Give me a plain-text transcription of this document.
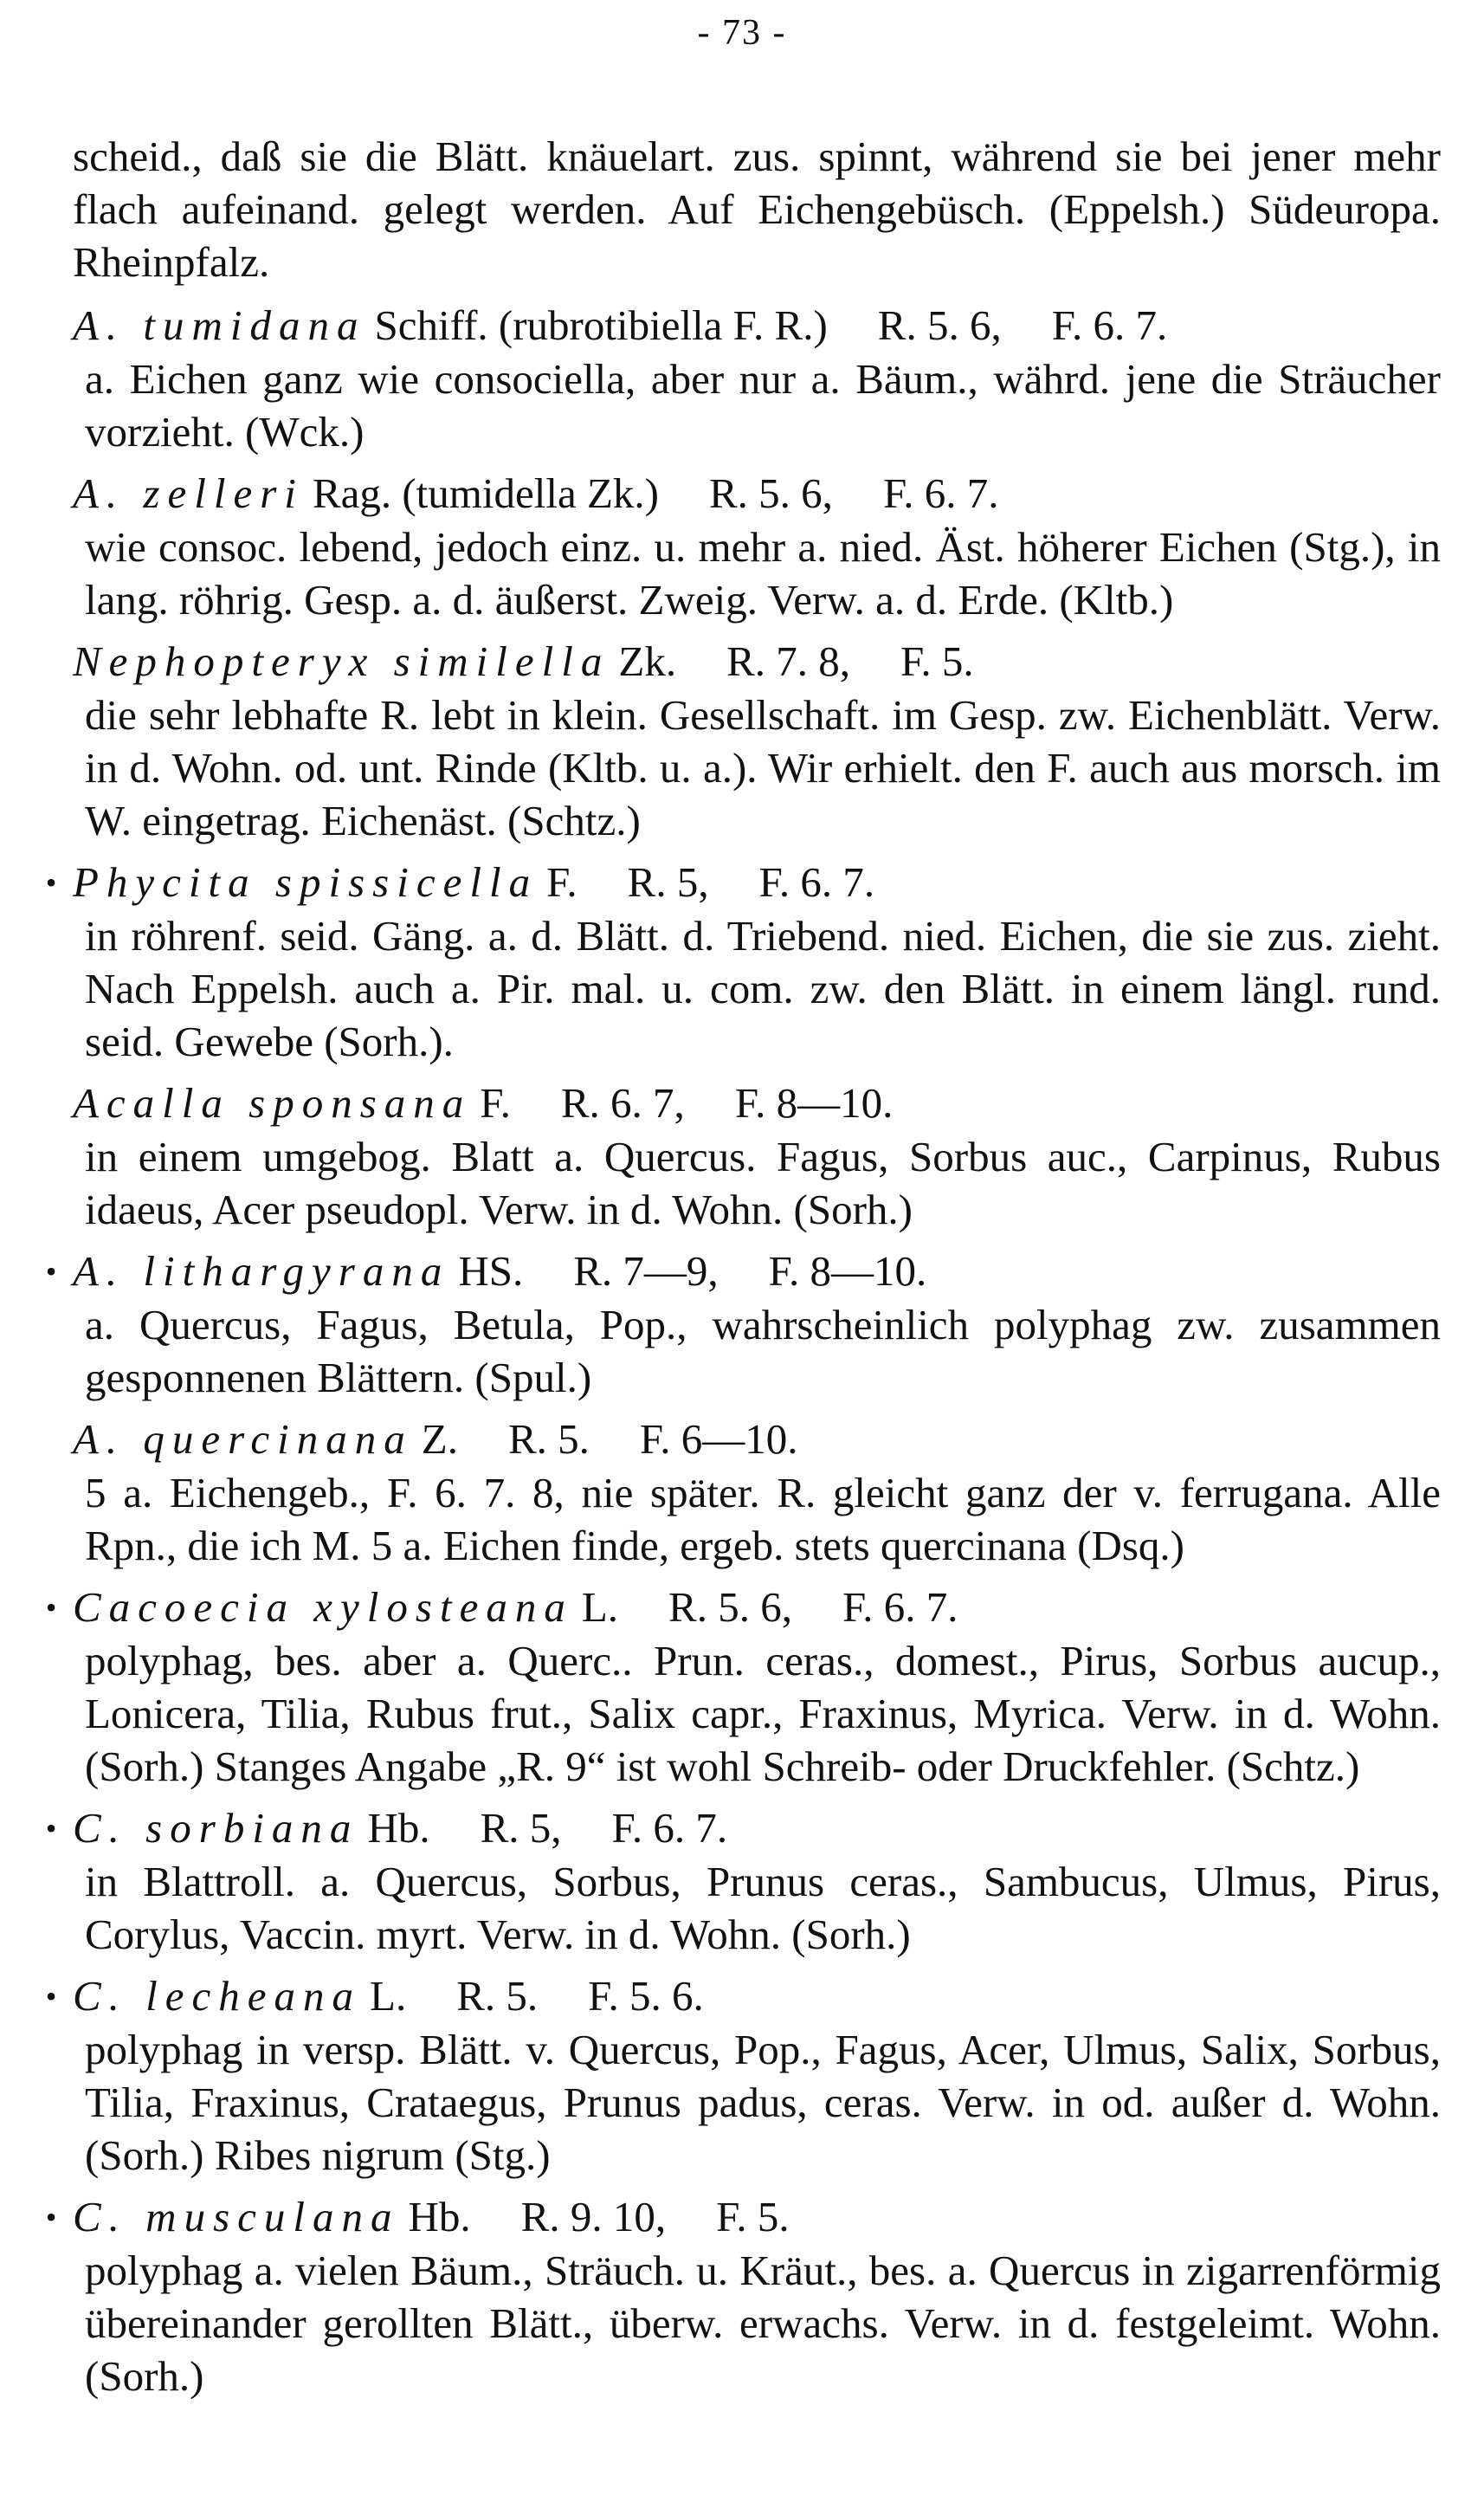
- 73 -

scheid., daß sie die Blätt. knäuelart. zus. spinnt, während sie bei jener mehr flach aufeinand. gelegt werden. Auf Eichengebüsch. (Eppelsh.) Südeuropa. Rheinpfalz.

A. tumidana Schiff. (rubrotibiella F. R.) R. 5. 6, F. 6. 7.

a. Eichen ganz wie consociella, aber nur a. Bäum., währd. jene die Sträucher vorzieht. (Wck.)

A. zelleri Rag. (tumidella Zk.) R. 5. 6, F. 6. 7.

wie consoc. lebend, jedoch einz. u. mehr a. nied. Äst. höherer Eichen (Stg.), in lang. röhrig. Gesp. a. d. äußerst. Zweig. Verw. a. d. Erde. (Kltb.)

Nephopteryx similella Zk. R. 7. 8, F. 5.

die sehr lebhafte R. lebt in klein. Gesellschaft. im Gesp. zw. Eichenblätt. Verw. in d. Wohn. od. unt. Rinde (Kltb. u. a.). Wir erhielt. den F. auch aus morsch. im W. eingetrag. Eichenäst. (Schtz.)

• Phycita spissicella F. R. 5, F. 6. 7.

in röhrenf. seid. Gäng. a. d. Blätt. d. Triebend. nied. Eichen, die sie zus. zieht. Nach Eppelsh. auch a. Pir. mal. u. com. zw. den Blätt. in einem längl. rund. seid. Gewebe (Sorh.).

Acalla sponsana F. R. 6. 7, F. 8—10.

in einem umgebog. Blatt a. Quercus. Fagus, Sorbus auc., Carpinus, Rubus idaeus, Acer pseudopl. Verw. in d. Wohn. (Sorh.)

• A. lithargyrana HS. R. 7—9, F. 8—10.

a. Quercus, Fagus, Betula, Pop., wahrscheinlich polyphag zw. zusammen gesponnenen Blättern. (Spul.)

A. quercinana Z. R. 5. F. 6—10.

5 a. Eichengeb., F. 6. 7. 8, nie später. R. gleicht ganz der v. ferrugana. Alle Rpn., die ich M. 5 a. Eichen finde, ergeb. stets quercinana (Dsq.)

• Cacoecia xylosteana L. R. 5. 6, F. 6. 7.

polyphag, bes. aber a. Querc.. Prun. ceras., domest., Pirus, Sorbus aucup., Lonicera, Tilia, Rubus frut., Salix capr., Fraxinus, Myrica. Verw. in d. Wohn. (Sorh.) Stanges Angabe „R. 9“ ist wohl Schreib- oder Druckfehler. (Schtz.)

• C. sorbiana Hb. R. 5, F. 6. 7.

in Blattroll. a. Quercus, Sorbus, Prunus ceras., Sambucus, Ulmus, Pirus, Corylus, Vaccin. myrt. Verw. in d. Wohn. (Sorh.)

• C. lecheana L. R. 5. F. 5. 6.

polyphag in versp. Blätt. v. Quercus, Pop., Fagus, Acer, Ulmus, Salix, Sorbus, Tilia, Fraxinus, Crataegus, Prunus padus, ceras. Verw. in od. außer d. Wohn. (Sorh.) Ribes nigrum (Stg.)

• C. musculana Hb. R. 9. 10, F. 5.

polyphag a. vielen Bäum., Sträuch. u. Kräut., bes. a. Quercus in zigarrenförmig übereinander gerollten Blätt., überw. erwachs. Verw. in d. festgeleimt. Wohn. (Sorh.)
